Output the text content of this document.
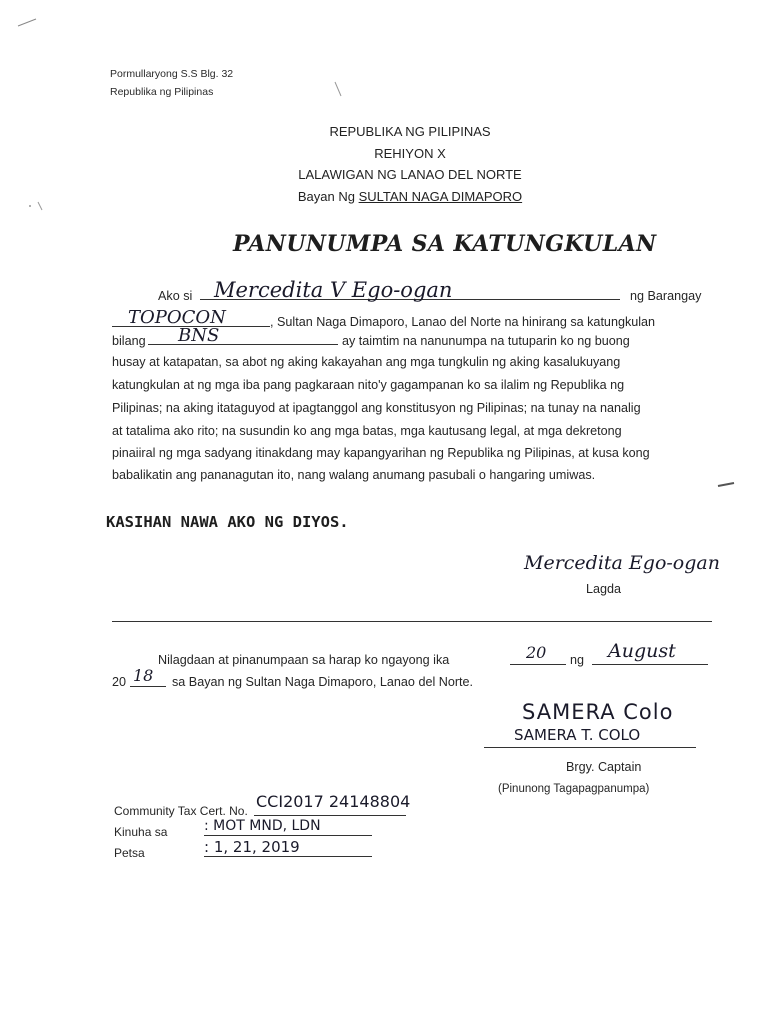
Pormullaryong S.S Blg. 32
Republika ng Pilipinas
REPUBLIKA NG PILIPINAS
REHIYON X
LALAWIGAN NG LANAO DEL NORTE
Bayan Ng SULTAN NAGA DIMAPORO
PANUNUMPA SA KATUNGKULAN
Ako si Mercedita V Ego-ogan	ng Barangay
TOPOCON	, Sultan Naga Dimaporo, Lanao del Norte na hinirang sa katungkulan
bilang BNS	ay taimtim na nanunumpa na tutuparin ko ng buong
husay at katapatan, sa abot ng aking kakayahan ang mga tungkulin ng aking kasalukuyang
katungkulan at ng mga iba pang pagkaraan nito'y gagampanan ko sa ilalim ng Republika ng
Pilipinas; na aking itataguyod at ipagtanggol ang konstitusyon ng Pilipinas; na tunay na nanalig
at tatalima ako rito; na susundin ko ang mga batas, mga kautusang legal, at mga dekretong
pinaiiral ng mga sadyang itinakdang may kapangyarihan ng Republika ng Pilipinas, at kusa kong
babalikatin ang pananagutan ito, nang walang anumang pasubali o hangaring umiwas.
KASIHAN NAWA AKO NG DIYOS.
Mercedita Ego-ogan
Lagda
Nilagdaan at pinanumpaan sa harap ko ngayong ika	20 ng August
20 18 sa Bayan ng Sultan Naga Dimaporo, Lanao del Norte.
SAMERA Colo
SAMERA T. COLO
Brgy. Captain
(Pinunong Tagapagpanumpa)
Community Tax Cert. No. CCI2017 24148804
Kinuha sa	: MOT MND, LDN
Petsa	: 1, 21, 2019
